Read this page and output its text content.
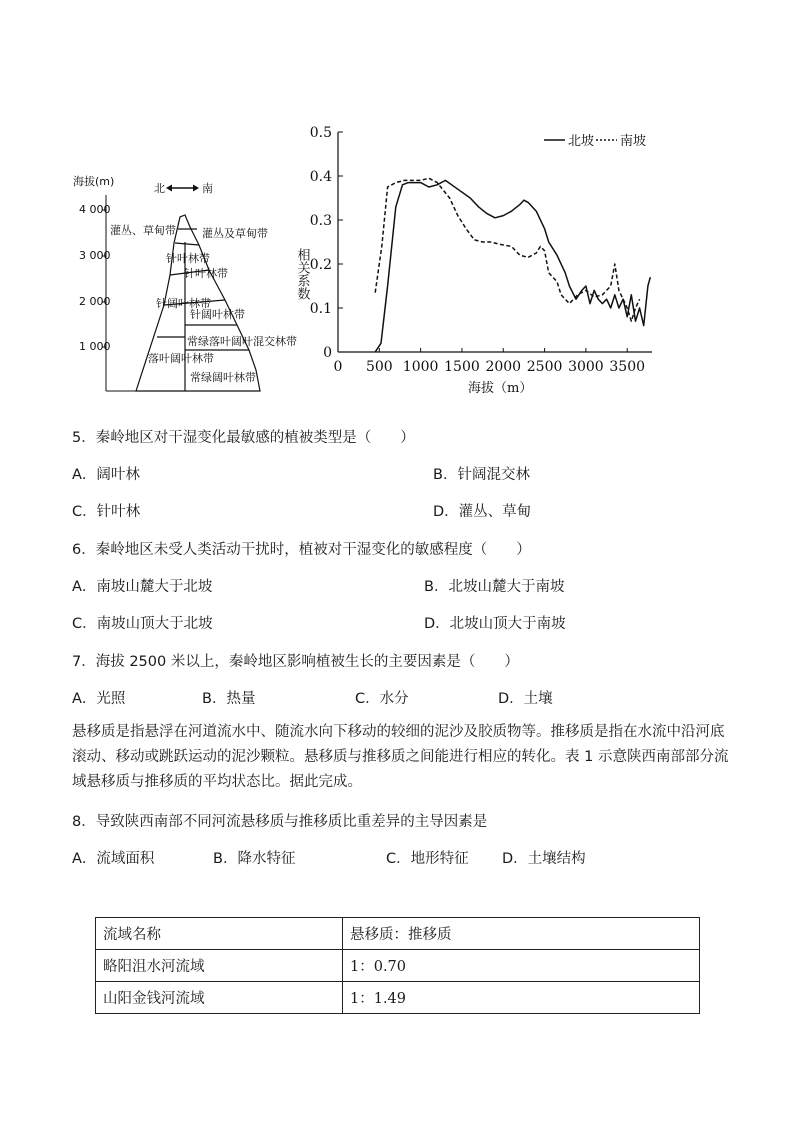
海拔(m)
4 000
3 000
2 000
1 000
北	南
灌丛、草甸带
针叶林带
针阔叶林带
落叶阔叶林带
灌丛及草甸带
针叶林带
针阔叶林带
常绿落叶阔叶混交林带
常绿阔叶林带
0
0.1
0.2
0.3
0.4
0.5
0 500 1000 1500 2000 2500 3000 3500
相关系数
海拔（m）
北坡 南坡
5．秦岭地区对干湿变化最敏感的植被类型是（　　）
A．阔叶林	B．针阔混交林
C．针叶林	D．灌丛、草甸
6．秦岭地区未受人类活动干扰时，植被对干湿变化的敏感程度（　　）
A．南坡山麓大于北坡	B．北坡山麓大于南坡
C．南坡山顶大于北坡	D．北坡山顶大于南坡
7．海拔 2500 米以上，秦岭地区影响植被生长的主要因素是（　　）
A．光照	B．热量	C．水分	D．土壤
悬移质是指悬浮在河道流水中、随流水向下移动的较细的泥沙及胶质物等。推移质是指在水流中沿河底滚动、移动或跳跃运动的泥沙颗粒。悬移质与推移质之间能进行相应的转化。表 1 示意陕西南部部分流域悬移质与推移质的平均状态比。据此完成。
8．导致陕西南部不同河流悬移质与推移质比重差异的主导因素是
A．流域面积	B．降水特征	C．地形特征 D．土壤结构
流域名称	悬移质：推移质
略阳沮水河流域	1：0.70
山阳金钱河流域	1：1.49
